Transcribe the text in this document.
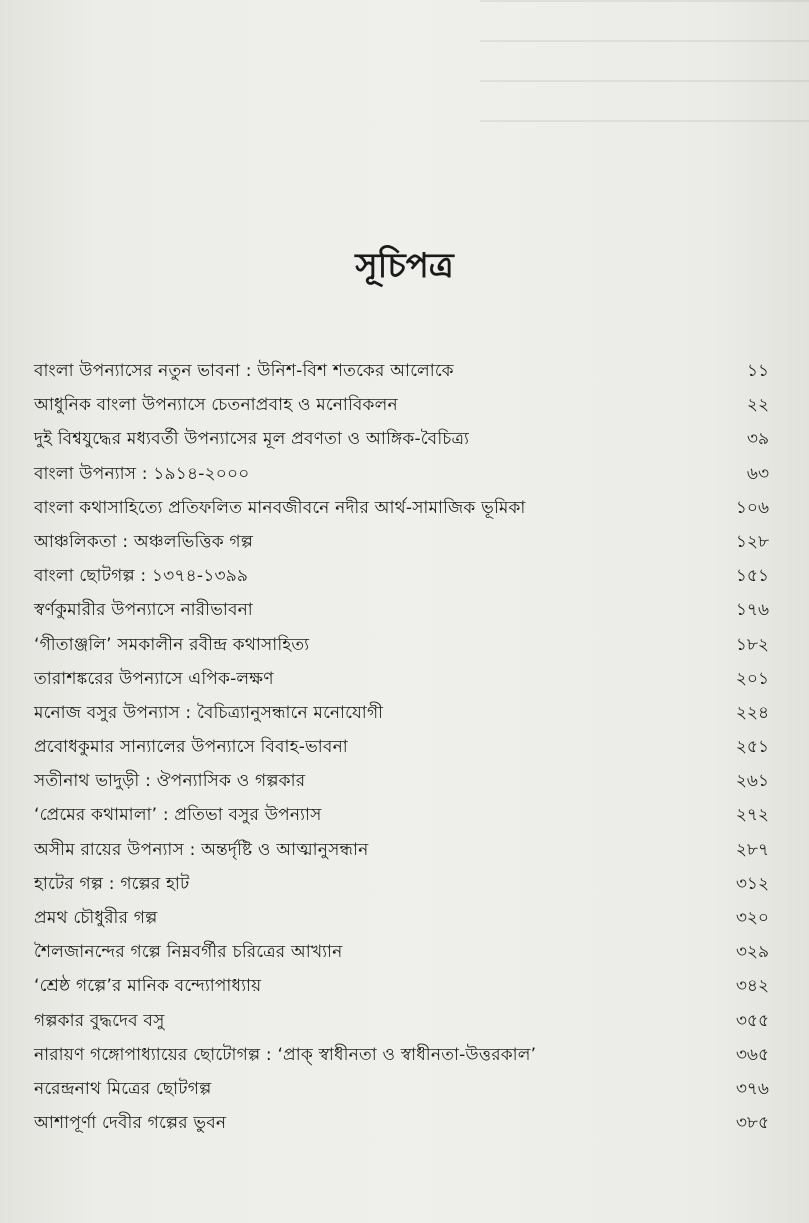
সূচিপত্র
বাংলা উপন্যাসের নতুন ভাবনা : উনিশ-বিশ শতকের আলোকে	১১
আধুনিক বাংলা উপন্যাসে চেতনাপ্রবাহ ও মনোবিকলন	২২
দুই বিশ্বযুদ্ধের মধ্যবর্তী উপন্যাসের মূল প্রবণতা ও আঙ্গিক-বৈচিত্র্য	৩৯
বাংলা উপন্যাস : ১৯১৪-২০০০	৬৩
বাংলা কথাসাহিত্যে প্রতিফলিত মানবজীবনে নদীর আর্থ-সামাজিক ভূমিকা	১০৬
আঞ্চলিকতা : অঞ্চলভিত্তিক গল্প	১২৮
বাংলা ছোটগল্প : ১৩৭৪-১৩৯৯	১৫১
স্বর্ণকুমারীর উপন্যাসে নারীভাবনা	১৭৬
‘গীতাঞ্জলি’ সমকালীন রবীন্দ্র কথাসাহিত্য	১৮২
তারাশঙ্করের উপন্যাসে এপিক-লক্ষণ	২০১
মনোজ বসুর উপন্যাস : বৈচিত্র্যানুসন্ধানে মনোযোগী	২২৪
প্রবোধকুমার সান্যালের উপন্যাসে বিবাহ-ভাবনা	২৫১
সতীনাথ ভাদুড়ী : ঔপন্যাসিক ও গল্পকার	২৬১
‘প্রেমের কথামালা’ : প্রতিভা বসুর উপন্যাস	২৭২
অসীম রায়ের উপন্যাস : অন্তর্দৃষ্টি ও আত্মানুসন্ধান	২৮৭
হাটের গল্প : গল্পের হাট	৩১২
প্রমথ চৌধুরীর গল্প	৩২০
শৈলজানন্দের গল্পে নিম্নবর্গীর চরিত্রের আখ্যান	৩২৯
‘শ্রেষ্ঠ গল্পে’র মানিক বন্দ্যোপাধ্যায়	৩৪২
গল্পকার বুদ্ধদেব বসু	৩৫৫
নারায়ণ গঙ্গোপাধ্যায়ের ছোটোগল্প : ‘প্রাক্ স্বাধীনতা ও স্বাধীনতা-উত্তরকাল’	৩৬৫
নরেন্দ্রনাথ মিত্রের ছোটগল্প	৩৭৬
আশাপূর্ণা দেবীর গল্পের ভুবন	৩৮৫
